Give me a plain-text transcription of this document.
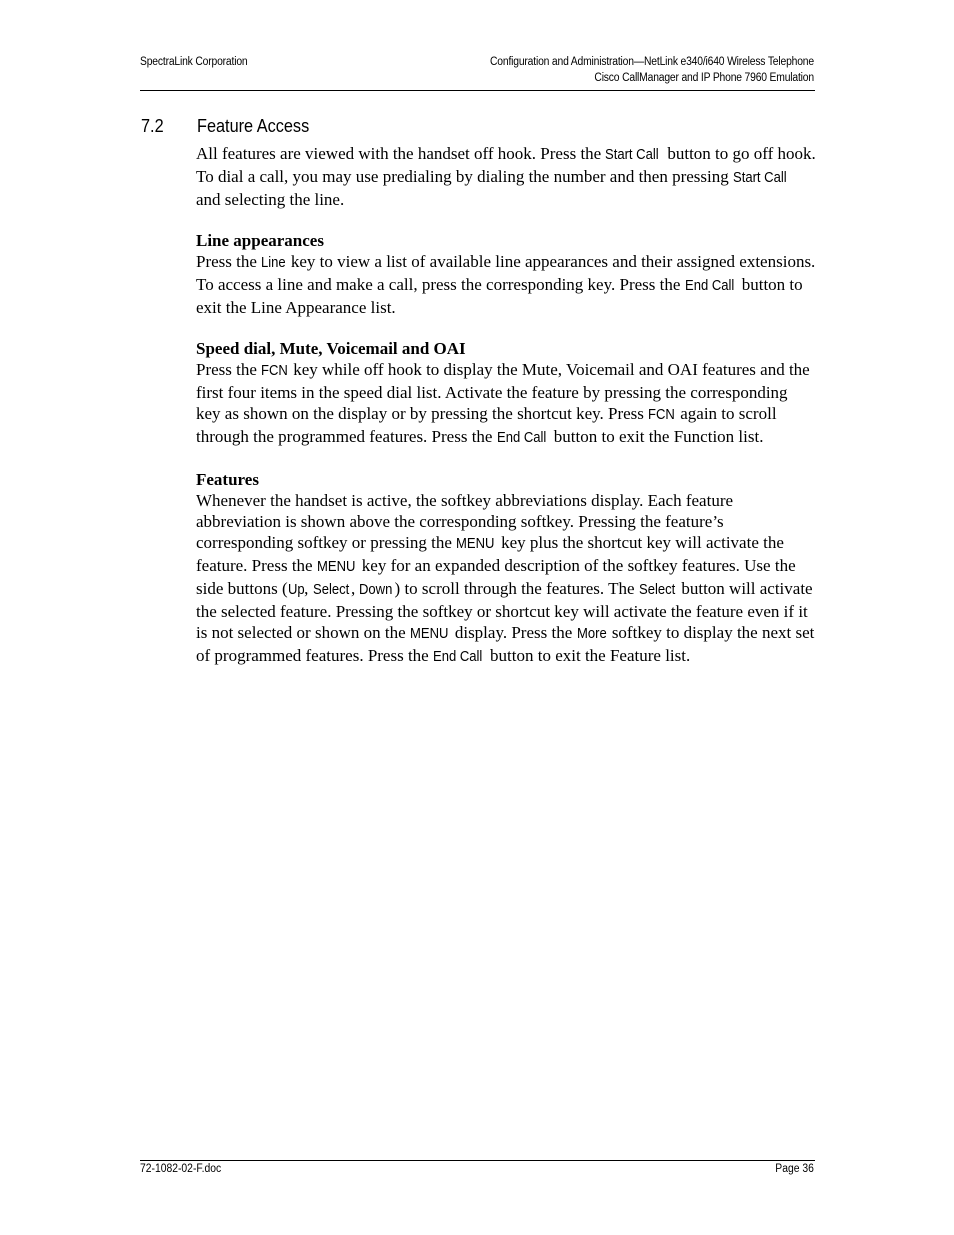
SpectraLink Corporation	Configuration and Administration—NetLink e340/i640 Wireless Telephone
Cisco CallManager and IP Phone 7960 Emulation
7.2 Feature Access

All features are viewed with the handset off hook. Press the Start Call button to go off hook. To dial a call, you may use predialing by dialing the number and then pressing Start Call and selecting the line.

Line appearances
Press the Line key to view a list of available line appearances and their assigned extensions. To access a line and make a call, press the corresponding key. Press the End Call button to exit the Line Appearance list.

Speed dial, Mute, Voicemail and OAI
Press the FCN key while off hook to display the Mute, Voicemail and OAI features and the first four items in the speed dial list. Activate the feature by pressing the corresponding key as shown on the display or by pressing the shortcut key. Press FCN again to scroll through the programmed features. Press the End Call button to exit the Function list.

Features
Whenever the handset is active, the softkey abbreviations display. Each feature abbreviation is shown above the corresponding softkey. Pressing the feature’s corresponding softkey or pressing the MENU key plus the shortcut key will activate the feature. Press the MENU key for an expanded description of the softkey features. Use the side buttons (Up, Select , Down ) to scroll through the features. The Select button will activate the selected feature. Pressing the softkey or shortcut key will activate the feature even if it is not selected or shown on the MENU display. Press the More softkey to display the next set of programmed features. Press the End Call button to exit the Feature list.

72-1082-02-F.doc	Page 36
